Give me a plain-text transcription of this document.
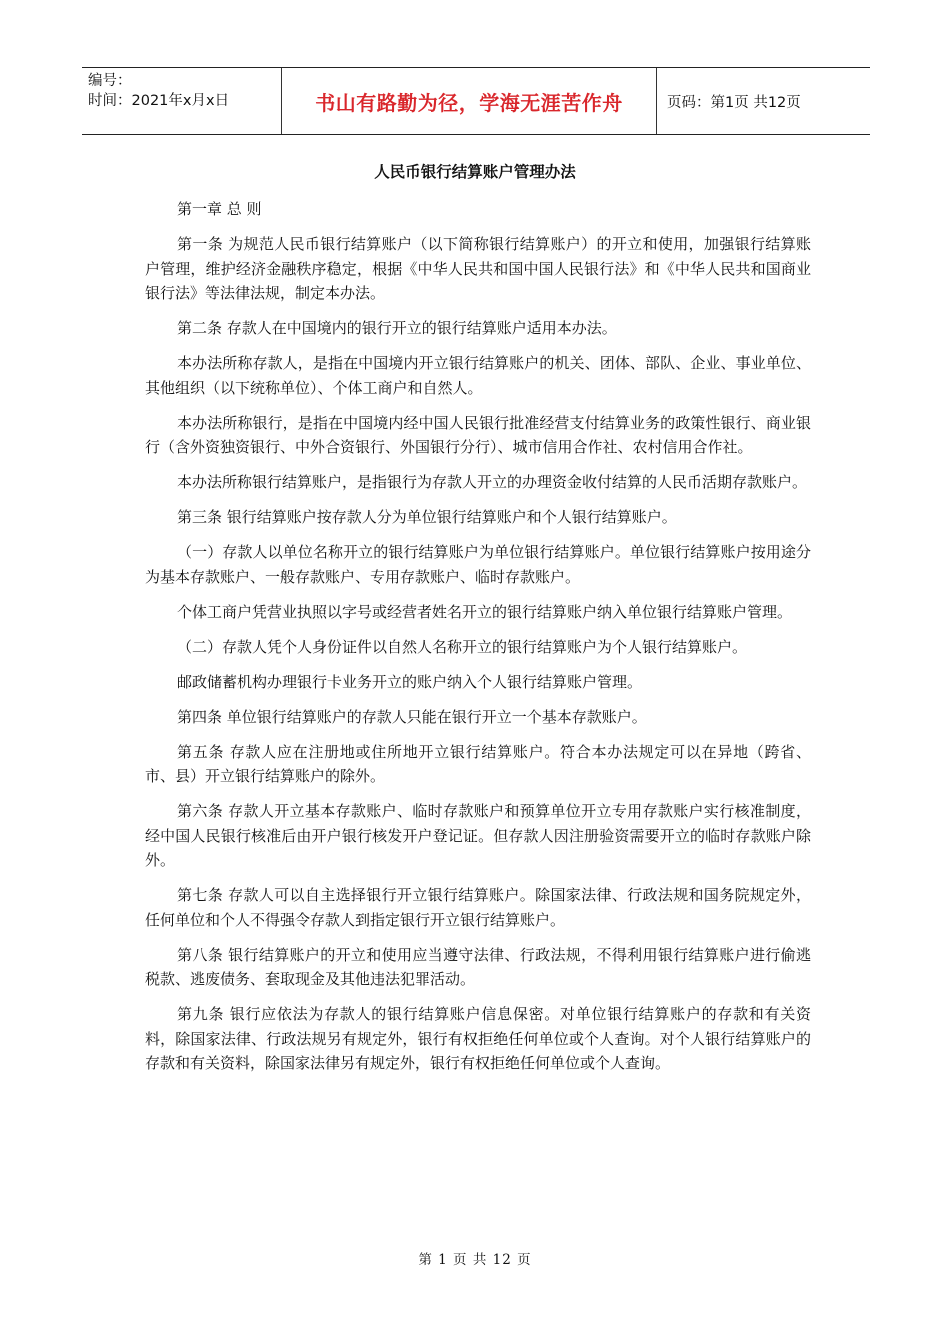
编号：
时间：2021年x月x日	书山有路勤为径，学海无涯苦作舟	页码：第1页 共12页
人民币银行结算账户管理办法

第一章 总 则

第一条 为规范人民币银行结算账户（以下简称银行结算账户）的开立和使用，加强银行结算账户管理，维护经济金融秩序稳定，根据《中华人民共和国中国人民银行法》和《中华人民共和国商业银行法》等法律法规，制定本办法。

第二条 存款人在中国境内的银行开立的银行结算账户适用本办法。

本办法所称存款人，是指在中国境内开立银行结算账户的机关、团体、部队、企业、事业单位、其他组织（以下统称单位）、个体工商户和自然人。

本办法所称银行，是指在中国境内经中国人民银行批准经营支付结算业务的政策性银行、商业银行（含外资独资银行、中外合资银行、外国银行分行）、城市信用合作社、农村信用合作社。

本办法所称银行结算账户，是指银行为存款人开立的办理资金收付结算的人民币活期存款账户。

第三条 银行结算账户按存款人分为单位银行结算账户和个人银行结算账户。

（一）存款人以单位名称开立的银行结算账户为单位银行结算账户。单位银行结算账户按用途分为基本存款账户、一般存款账户、专用存款账户、临时存款账户。

个体工商户凭营业执照以字号或经营者姓名开立的银行结算账户纳入单位银行结算账户管理。

（二）存款人凭个人身份证件以自然人名称开立的银行结算账户为个人银行结算账户。

邮政储蓄机构办理银行卡业务开立的账户纳入个人银行结算账户管理。

第四条 单位银行结算账户的存款人只能在银行开立一个基本存款账户。

第五条 存款人应在注册地或住所地开立银行结算账户。符合本办法规定可以在异地（跨省、市、县）开立银行结算账户的除外。

第六条 存款人开立基本存款账户、临时存款账户和预算单位开立专用存款账户实行核准制度，经中国人民银行核准后由开户银行核发开户登记证。但存款人因注册验资需要开立的临时存款账户除外。

第七条 存款人可以自主选择银行开立银行结算账户。除国家法律、行政法规和国务院规定外，任何单位和个人不得强令存款人到指定银行开立银行结算账户。

第八条 银行结算账户的开立和使用应当遵守法律、行政法规，不得利用银行结算账户进行偷逃税款、逃废债务、套取现金及其他违法犯罪活动。

第九条 银行应依法为存款人的银行结算账户信息保密。对单位银行结算账户的存款和有关资料，除国家法律、行政法规另有规定外，银行有权拒绝任何单位或个人查询。对个人银行结算账户的存款和有关资料，除国家法律另有规定外，银行有权拒绝任何单位或个人查询。

第 1 页 共 12 页
